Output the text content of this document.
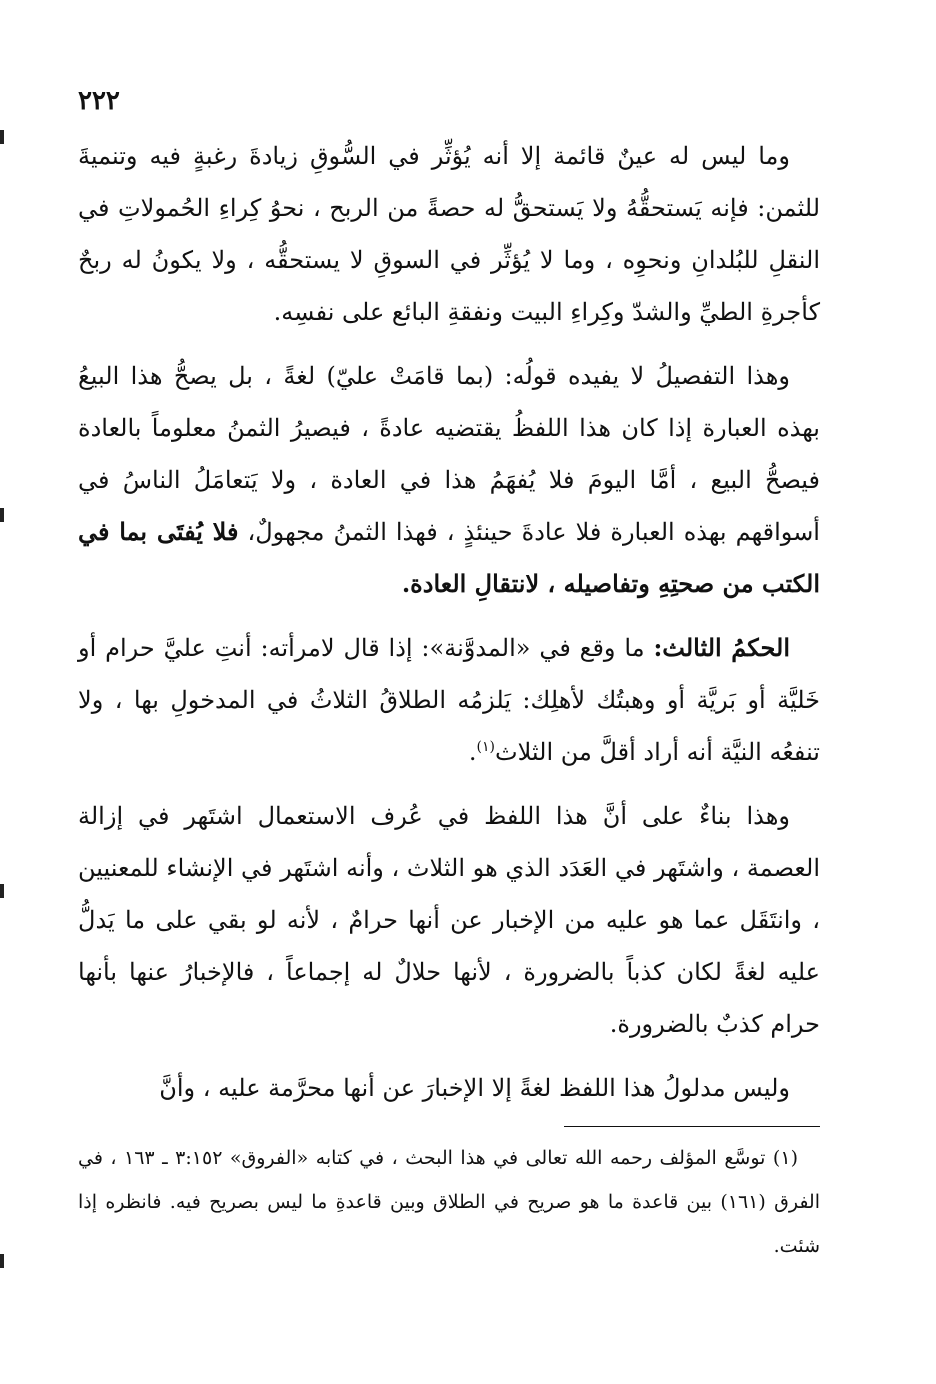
٢٢٢

وما ليس له عينٌ قائمة إلا أنه يُؤثِّر في السُّوقِ زيادةَ رغبةٍ فيه وتنميةَ للثمن: فإنه يَستحقُّهُ ولا يَستحقُّ له حصةً من الربح ، نحوُ كِراءِ الحُمولاتِ في النقلِ للبُلدانِ ونحوِه ، وما لا يُؤثِّر في السوقِ لا يستحقُّه ، ولا يكونُ له ربحٌ كأجرةِ الطيِّ والشدّ وكِراءِ البيت ونفقةِ البائع على نفسِه.

وهذا التفصيلُ لا يفيده قولُه: (بما قامَتْ عليّ) لغةً ، بل يصحُّ هذا البيعُ بهذه العبارة إذا كان هذا اللفظُ يقتضيه عادةً ، فيصيرُ الثمنُ معلوماً بالعادة فيصحُّ البيع ، أمَّا اليومَ فلا يُفهَمُ هذا في العادة ، ولا يَتعامَلُ الناسُ في أسواقهم بهذه العبارة فلا عادةَ حينئذٍ ، فهذا الثمنُ مجهولٌ، فلا يُفتَى بما في الكتب من صحتِهِ وتفاصيله ، لانتقالِ العادة.

الحكمُ الثالث: ما وقع في «المدوَّنة»: إذا قال لامرأته: أنتِ عليَّ حرام أو خَليَّة أو بَريَّة أو وهبتُك لأهلِك: يَلزمُه الطلاقُ الثلاثُ في المدخولِ بها ، ولا تنفعُه النيَّة أنه أراد أقلَّ من الثلاث$^{(١)}$.

وهذا بناءٌ على أنَّ هذا اللفظ في عُرف الاستعمال اشتَهر في إزالة العصمة ، واشتَهر في العَدَد الذي هو الثلاث ، وأنه اشتَهر في الإنشاء للمعنيين ، وانتَقَل عما هو عليه من الإخبار عن أنها حرامٌ ، لأنه لو بقي على ما يَدلُّ عليه لغةً لكان كذباً بالضرورة ، لأنها حلالٌ له إجماعاً ، فالإخبارُ عنها بأنها حرام كذبٌ بالضرورة.

وليس مدلولُ هذا اللفظ لغةً إلا الإخبارَ عن أنها محرَّمة عليه ، وأنَّ

(١) توسَّع المؤلف رحمه الله تعالى في هذا البحث ، في كتابه «الفروق» ٣:١٥٢ ـ ١٦٣ ، في الفرق (١٦١) بين قاعدة ما هو صريح في الطلاق وبين قاعدةِ ما ليس بصريح فيه. فانظره إذا شئت.
